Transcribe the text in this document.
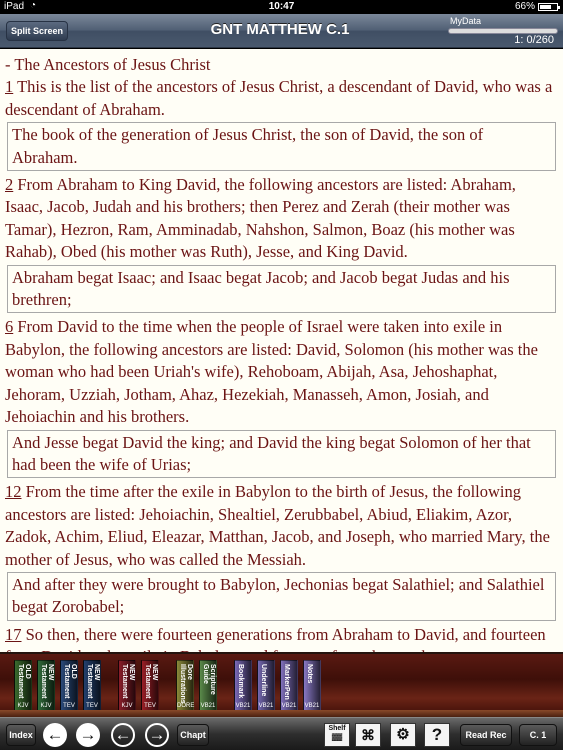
iPad ◔	10:47	66%
Split Screen	GNT MATTHEW C.1	MyData
1: 0/260

- The Ancestors of Jesus Christ

1 This is the list of the ancestors of Jesus Christ, a descendant of David, who was a descendant of Abraham.

The book of the generation of Jesus Christ, the son of David, the son of Abraham.

2 From Abraham to King David, the following ancestors are listed: Abraham, Isaac, Jacob, Judah and his brothers; then Perez and Zerah (their mother was Tamar), Hezron, Ram, Amminadab, Nahshon, Salmon, Boaz (his mother was Rahab), Obed (his mother was Ruth), Jesse, and King David.

Abraham begat Isaac; and Isaac begat Jacob; and Jacob begat Judas and his brethren;

6 From David to the time when the people of Israel were taken into exile in Babylon, the following ancestors are listed: David, Solomon (his mother was the woman who had been Uriah's wife), Rehoboam, Abijah, Asa, Jehoshaphat, Jehoram, Uzziah, Jotham, Ahaz, Hezekiah, Manasseh, Amon, Josiah, and Jehoiachin and his brothers.

And Jesse begat David the king; and David the king begat Solomon of her that had been the wife of Urias;

12 From the time after the exile in Babylon to the birth of Jesus, the following ancestors are listed: Jehoiachin, Shealtiel, Zerubbabel, Abiud, Eliakim, Azor, Zadok, Achim, Eliud, Eleazar, Matthan, Jacob, and Joseph, who married Mary, the mother of Jesus, who was called the Messiah.

And after they were brought to Babylon, Jechonias begat Salathiel; and Salathiel begat Zorobabel;

17 So then, there were fourteen generations from Abraham to David, and fourteen

OLD Testament
KJV
NEW Testament
KJV
OLD Testament
TEV
NEW Testament
TEV
NEW Testament
KJV
NEW Testament
TEV
Dore Illustrations
DORE
Scripture Guide
VB21
Bookmark
VB21
Underline
VB21
MarkerPen
VB21
Notes
VB21
Index ← → ← →	Chapt
Shelf
▓▓	⌘	⚙	?	Read Rec	C. 1
